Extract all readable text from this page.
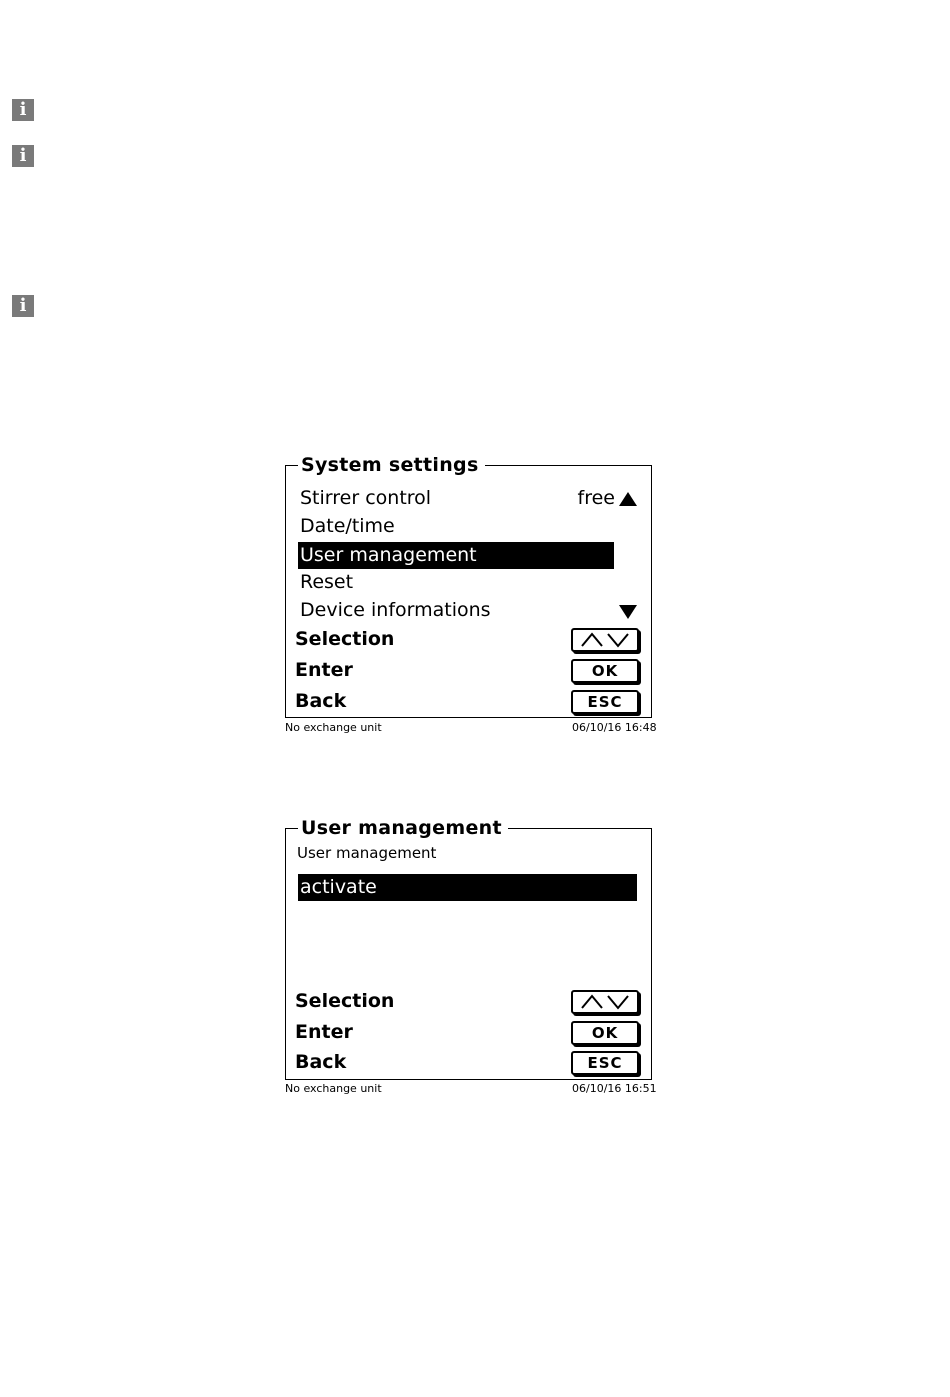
i
i
i
System settings
Stirrer control	free
Date/time
User management
Reset
Device informations
Selection
Enter	OK
Back	ESC
No exchange unit	06/10/16 16:48
User management
User management
activate
Selection
Enter	OK
Back	ESC
No exchange unit	06/10/16 16:51
